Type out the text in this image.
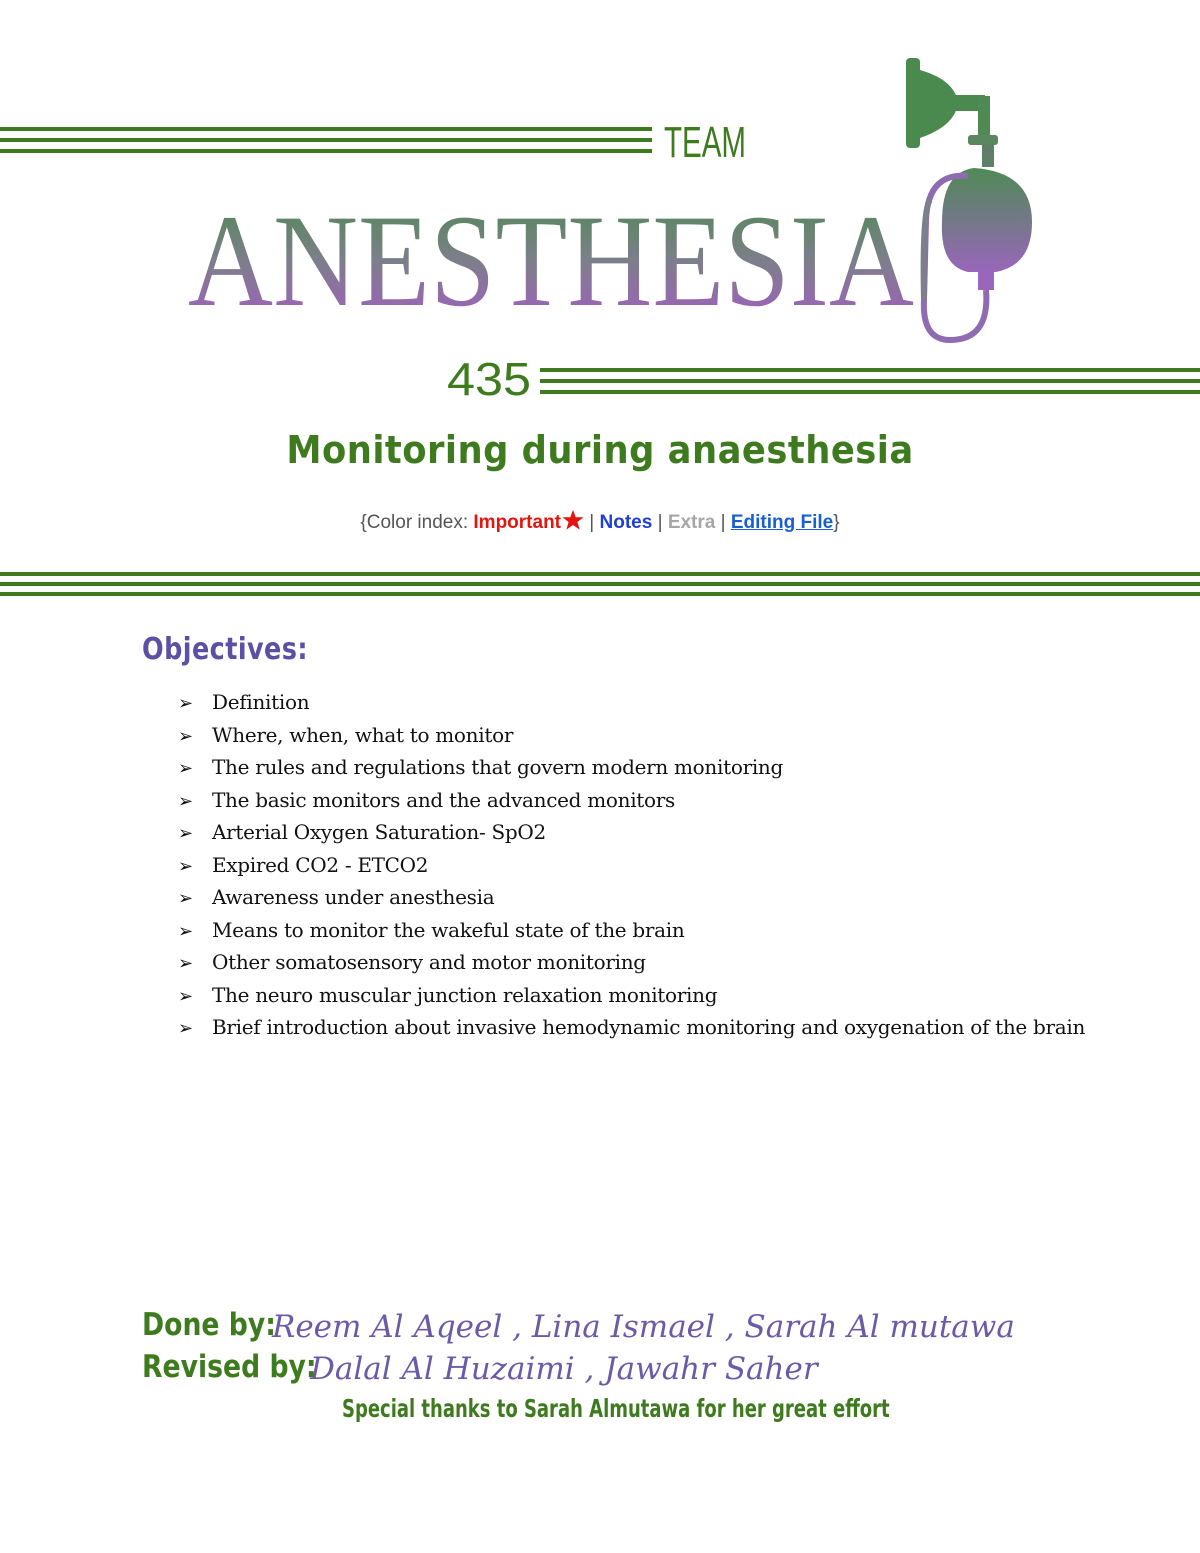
TEAM
ANESTHESIA
435
Monitoring during anaesthesia
{Color index: Important | Notes | Extra | Editing File}
Objectives:
➢ Definition
➢ Where, when, what to monitor
➢ The rules and regulations that govern modern monitoring
➢ The basic monitors and the advanced monitors
➢ Arterial Oxygen Saturation- SpO2
➢ Expired CO2 - ETCO2
➢ Awareness under anesthesia
➢ Means to monitor the wakeful state of the brain
➢ Other somatosensory and motor monitoring
➢ The neuro muscular junction relaxation monitoring
➢ Brief introduction about invasive hemodynamic monitoring and oxygenation of the brain
Done by:
Reem Al Aqeel , Lina Ismael , Sarah Al mutawa
Revised by:
Dalal Al Huzaimi , Jawahr Saher
Special thanks to Sarah Almutawa for her great effort
